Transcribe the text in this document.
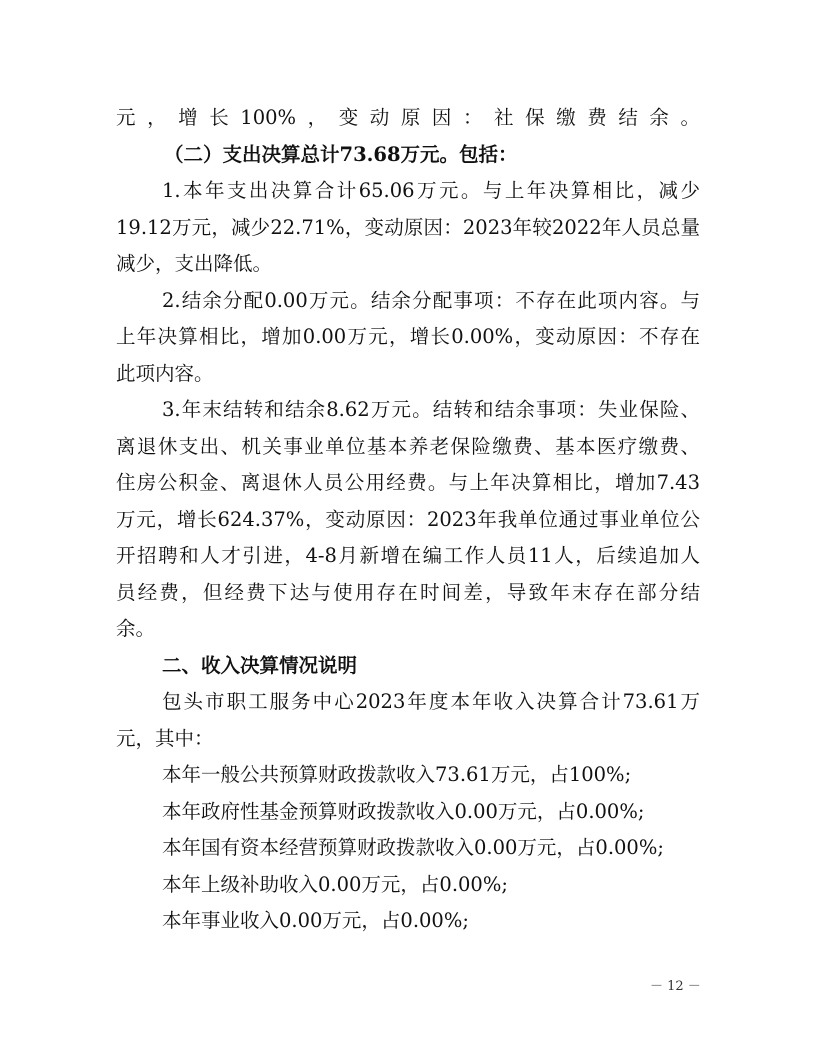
元，增长100%，变动原因：社保缴费结余。
（二）支出决算总计73.68万元。包括：
1.本年支出决算合计65.06万元。与上年决算相比，减少
19.12万元，减少22.71%，变动原因：2023年较2022年人员总量
减少，支出降低。
2.结余分配0.00万元。结余分配事项：不存在此项内容。与
上年决算相比，增加0.00万元，增长0.00%，变动原因：不存在
此项内容。
3.年末结转和结余8.62万元。结转和结余事项：失业保险、
离退休支出、机关事业单位基本养老保险缴费、基本医疗缴费、
住房公积金、离退休人员公用经费。与上年决算相比，增加7.43
万元，增长624.37%，变动原因：2023年我单位通过事业单位公
开招聘和人才引进，4-8月新增在编工作人员11人，后续追加人
员经费，但经费下达与使用存在时间差，导致年末存在部分结
余。
二、收入决算情况说明
包头市职工服务中心2023年度本年收入决算合计73.61万
元，其中：
本年一般公共预算财政拨款收入73.61万元，占100%;
本年政府性基金预算财政拨款收入0.00万元，占0.00%;
本年国有资本经营预算财政拨款收入0.00万元，占0.00%;
本年上级补助收入0.00万元，占0.00%;
本年事业收入0.00万元，占0.00%;
－ 12 －
